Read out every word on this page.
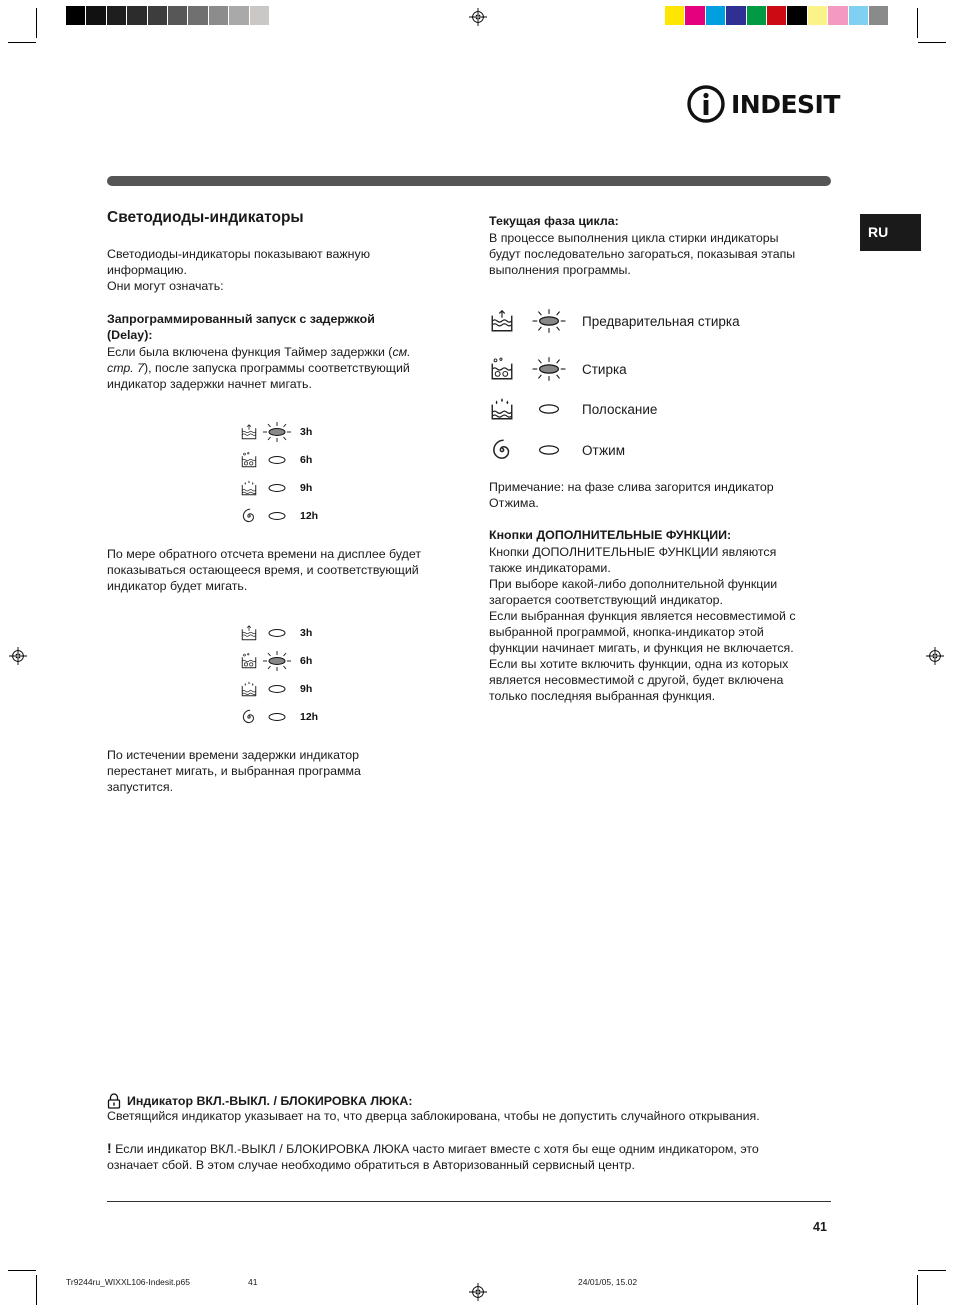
INDESIT
RU
Светодиоды-индикаторы
Светодиоды-индикаторы показывают важную
информацию.
Они могут означать:
Запрограммированный запуск с задержкой
(Delay):
Если была включена функция Таймер задержки (см.
стр. 7), после запуска программы соответствующий
индикатор задержки начнет мигать.
3h
6h
9h
12h
По мере обратного отсчета времени на дисплее будет
показываться остающееся время, и соответствующий
индикатор будет мигать.
3h
6h
9h
12h
По истечении времени задержки индикатор
перестанет мигать, и выбранная программа
запустится.
Текущая фаза цикла:
В процессе выполнения цикла стирки индикаторы
будут последовательно загораться, показывая этапы
выполнения программы.
Предварительная стирка
Стирка
Полоскание
Отжим
Примечание: на фазе слива загорится индикатор
Отжима.
Кнопки ДОПОЛНИТЕЛЬНЫЕ ФУНКЦИИ:
Кнопки ДОПОЛНИТЕЛЬНЫЕ ФУНКЦИИ являются
также индикаторами.
При выборе какой-либо дополнительной функции
загорается соответствующий индикатор.
Если выбранная функция является несовместимой с
выбранной программой, кнопка-индикатор этой
функции начинает мигать, и функция не включается.
Если вы хотите включить функции, одна из которых
является несовместимой с другой, будет включена
только последняя выбранная функция.
Индикатор ВКЛ.-ВЫКЛ. / БЛОКИРОВКА ЛЮКА:
Светящийся индикатор указывает на то, что дверца заблокирована, чтобы не допустить случайного открывания.
! Если индикатор ВКЛ.-ВЫКЛ / БЛОКИРОВКА ЛЮКА часто мигает вместе с хотя бы еще одним индикатором, это
означает сбой. В этом случае необходимо обратиться в Авторизованный сервисный центр.
41
Tr9244ru_WIXXL106-Indesit.p65	41	24/01/05, 15.02
